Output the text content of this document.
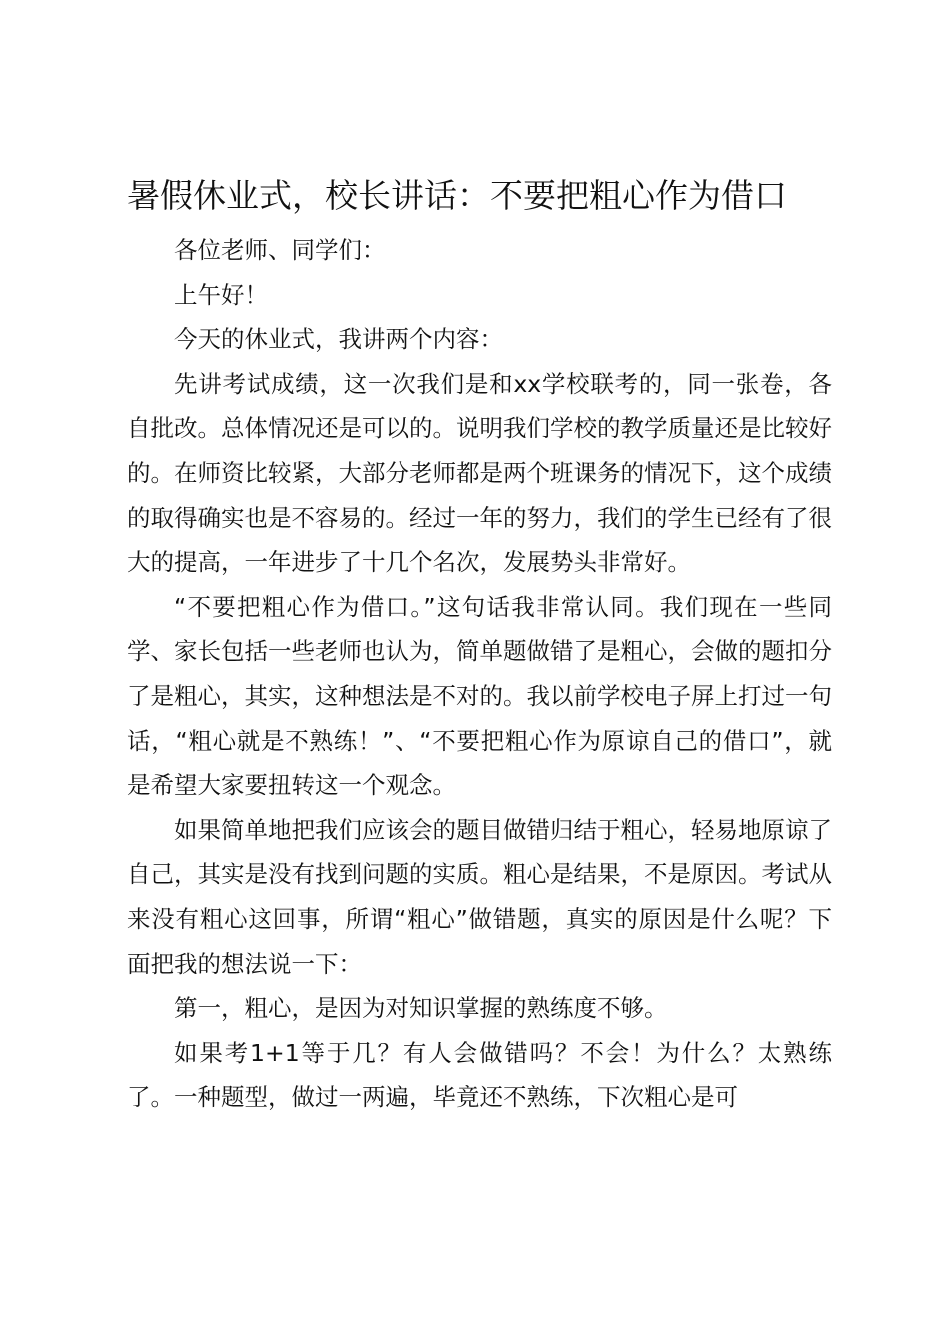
暑假休业式，校长讲话：不要把粗心作为借口

各位老师、同学们：

上午好！

今天的休业式，我讲两个内容：

先讲考试成绩，这一次我们是和xx学校联考的，同一张卷，各自批改。总体情况还是可以的。说明我们学校的教学质量还是比较好的。在师资比较紧，大部分老师都是两个班课务的情况下，这个成绩的取得确实也是不容易的。经过一年的努力，我们的学生已经有了很大的提高，一年进步了十几个名次，发展势头非常好。

“不要把粗心作为借口。”这句话我非常认同。我们现在一些同学、家长包括一些老师也认为，简单题做错了是粗心，会做的题扣分了是粗心，其实，这种想法是不对的。我以前学校电子屏上打过一句话，“粗心就是不熟练！”、“不要把粗心作为原谅自己的借口”，就是希望大家要扭转这一个观念。

如果简单地把我们应该会的题目做错归结于粗心，轻易地原谅了自己，其实是没有找到问题的实质。粗心是结果，不是原因。考试从来没有粗心这回事，所谓“粗心”做错题，真实的原因是什么呢？下面把我的想法说一下：

第一，粗心，是因为对知识掌握的熟练度不够。

如果考1+1等于几？有人会做错吗？不会！为什么？太熟练了。一种题型，做过一两遍，毕竟还不熟练，下次粗心是可
